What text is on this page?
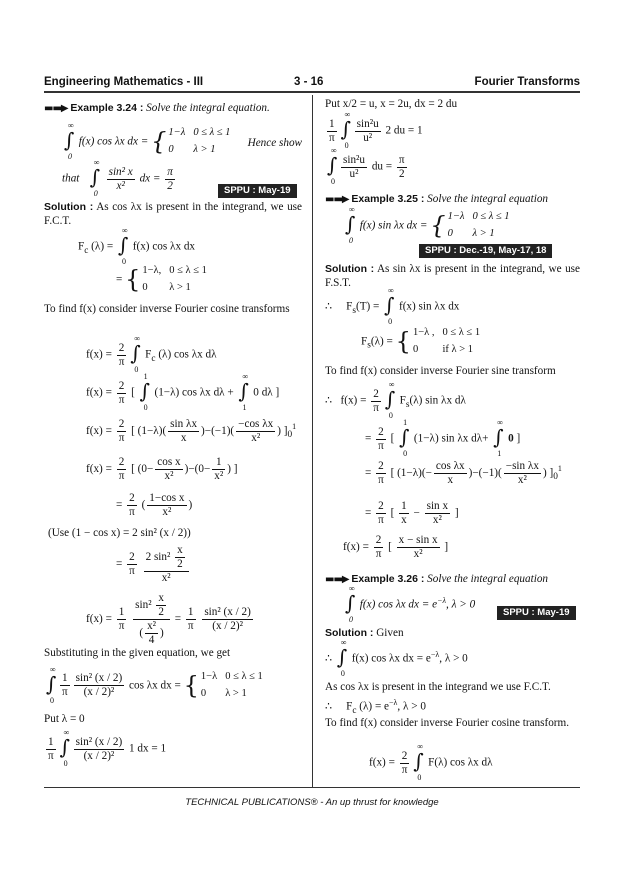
Engineering Mathematics - III	3 - 16	Fourier Transforms
▬▬▶ Example 3.24 : Solve the integral equation.
∞
∫
0
f(x) cos λx dx = { 1−λ	0 ≤ λ ≤ 1
0	λ > 1
Hence show
that
∞
∫
0

$\frac{\text{sin² x}}{\text{x²}}$ dx = $\frac{\pi}{2}$	SPPU : May-19
Solution : As cos λx is present in the integrand, we use F.C.T.
$F_c$ (λ) =
∞
∫
0
f(x) cos λx dx
= { 1−λ,	0 ≤ λ ≤ 1
0	λ > 1
To find f(x) consider inverse Fourier cosine transforms
$f(x) = \frac{2}{\pi}$
∞
∫
0
$F_c$ (λ) cos λx dλ
$f(x) = \frac{2}{\pi}$ [
1
∫
0
(1−λ) cos λx dλ +
∞
∫
1
0 dλ ]
$f(x) = \frac{2}{\pi}$ [ $(1-\lambda)( \frac{\text{sin λx}}{x} )-(-1)( \frac{\text{−cos λx}}{\text{x²}}$ ) ]$_0^1$
$f(x) = \frac{2}{\pi}$ [ $(0- \frac{\text{cos x}}{\text{x²}} )-(0- \frac{1}{\text{x²}}$ ) ]
= $\frac{2}{\pi}$ ( $\frac{\text{1−cos x}}{\text{x²}}$ )
(Use (1 − cos x) = 2 sin² (x / 2))
= $\frac{2}{\pi}$
$\frac{2 \sin^2 \frac{x}{2}}{\text{x²}}$
$f(x) = \frac{1}{\pi}$
$\frac{\sin^2 \frac{x}{2}}{( \frac{\text{x²}}{4} )} = \frac{1}{\pi}$
$\frac{\text{sin² (x / 2)}}{\text{(x / 2)²}}$
Substituting in the given equation, we get
∞
∫
0
$\frac{1}{\pi} \frac{\text{sin² (x / 2)}}{\text{(x / 2)²}}$ cos λx dx = { 1−λ	0 ≤ λ ≤ 1
0	λ > 1
Put λ = 0
$\frac{1}{\pi}$
∞
∫
0
$\frac{\text{sin² (x / 2)}}{\text{(x / 2)²}} 1$ dx = 1
Put x/2 = u, x = 2u, dx = 2 du
$\frac{1}{\pi}$
∞
∫
0
$\frac{\text{sin²u}}{\text{u²}} 2$ du = 1
∞
∫
0
$\frac{\text{sin²u}}{\text{u²}}$ du = $\frac{\pi}{2}$
▬▬▶ Example 3.25 : Solve the integral equation
∞
∫
0
f(x) sin λx dx = { 1−λ	0 ≤ λ ≤ 1
0	λ > 1
SPPU : Dec.-19, May-17, 18
Solution : As sin λx is present in the integrand, we use F.S.T.
∴     $F_s(T)$ =
∞
∫
0
f(x) sin λx dx
$F_s(\lambda)$ = { 1−λ ,	0 ≤ λ ≤ 1
0	if λ > 1
To find f(x) consider inverse Fourier sine transform
∴   $f(x) = \frac{2}{\pi}$
∞
∫
0
$F_s(\lambda)$ sin λx dλ
= $\frac{2}{\pi}$ [
1
∫
0
(1−λ) sin λx dλ+
∞
∫
1
0 ]
= $\frac{2}{\pi}$ [ $(1-\lambda)(- \frac{\text{cos λx}}{x} )-(-1)( \frac{\text{−sin λx}}{\text{x²}}$ ) ]$_0^1$
= $\frac{2}{\pi}$ [ $\frac{1}{x} - \frac{\text{sin x}}{\text{x²}}$ ]
$f(x) = \frac{2}{\pi}$ [ $\frac{\text{x − sin x}}{\text{x²}}$ ]
▬▬▶ Example 3.26 : Solve the integral equation
∞
∫
0
f(x) cos λx dx = $e^{-\lambda}$, λ > 0
SPPU : May-19
Solution : Given
∴
∞
∫
0
f(x) cos λx dx = $e^{-\lambda}$, λ > 0
As cos λx is present in the integrand we use F.C.T.
∴     $F_c$ $(\lambda) = e^{-\lambda}$, λ > 0
To find f(x) consider inverse Fourier cosine transform.
$f(x) = \frac{2}{\pi}$
∞
∫
0
F(λ) cos λx dλ
TECHNICAL PUBLICATIONS® - An up thrust for knowledge
